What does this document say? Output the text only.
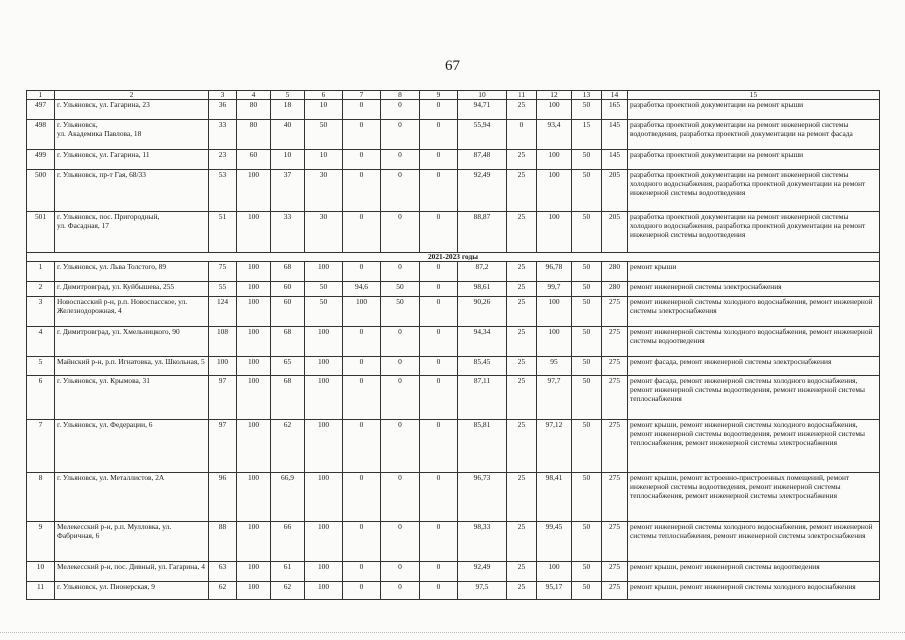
67
1	2	3	4	5	6	7	8	9	10	11	12	13	14	15
497	г. Ульяновск, ул. Гагарина, 23	36	80	18	10	0	0	0	94,71	25	100	50	165	разработка проектной документации на ремонт крыши
498	г. Ульяновск,
ул. Академика Павлова, 18	33	80	40	50	0	0	0	55,94	0	93,4	15	145	разработка проектной документации на ремонт инженерной системы водоотведения, разработка проектной документации на ремонт фасада
499	г. Ульяновск, ул. Гагарина, 11	23	60	10	10	0	0	0	87,48	25	100	50	145	разработка проектной документации на ремонт крыши
500	г. Ульяновск, пр-т Гая, 68/33	53	100	37	30	0	0	0	92,49	25	100	50	205	разработка проектной документации на ремонт инженерной системы холодного водоснабжения, разработка проектной документации на ремонт инженерной системы водоотведения
501	г. Ульяновск, пос. Пригородный,
ул. Фасадная, 17	51	100	33	30	0	0	0	88,87	25	100	50	205	разработка проектной документации на ремонт инженерной системы холодного водоснабжения, разработка проектной документации на ремонт инженерной системы водоотведения
2021-2023 годы														
1	г. Ульяновск, ул. Льва Толстого, 89	75	100	68	100	0	0	0	87,2	25	96,78	50	280	ремонт крыши
2	г. Димитровград, ул. Куйбышева, 255	55	100	60	50	94,6	50	0	98,61	25	99,7	50	280	ремонт инженерной системы электроснабжения
3	Новоспасский р-н, р.п. Новоспасское, ул. Железнодорожная, 4	124	100	60	50	100	50	0	90,26	25	100	50	275	ремонт инженерной системы холодного водоснабжения, ремонт инженерной системы электроснабжения
4	г. Димитровград, ул. Хмельницкого, 90	108	100	68	100	0	0	0	94,34	25	100	50	275	ремонт инженерной системы холодного водоснабжения, ремонт инженерной системы водоотведения
5	Майнский р-н, р.п. Игнатовка, ул. Школьная, 5	100	100	65	100	0	0	0	85,45	25	95	50	275	ремонт фасада, ремонт инженерной системы электроснабжения
6	г. Ульяновск, ул. Крымова, 31	97	100	68	100	0	0	0	87,11	25	97,7	50	275	ремонт фасада, ремонт инженерной системы холодного водоснабжения, ремонт инженерной системы водоотведения, ремонт инженерной системы теплоснабжения
7	г. Ульяновск, ул. Федерации, 6	97	100	62	100	0	0	0	85,81	25	97,12	50	275	ремонт крыши, ремонт инженерной системы холодного водоснабжения, ремонт инженерной системы водоотведения, ремонт инженерной системы теплоснабжения, ремонт инженерной системы электроснабжения
8	г. Ульяновск, ул. Металлистов, 2А	96	100	66,9	100	0	0	0	96,73	25	98,41	50	275	ремонт крыши, ремонт встроенно-пристроенных помещений, ремонт инженерной системы водоотведения, ремонт инженерной системы теплоснабжения, ремонт инженерной системы электроснабжения
9	Мелекесский р-н, р.п. Мулловка, ул. Фабричная, 6	88	100	66	100	0	0	0	98,33	25	99,45	50	275	ремонт инженерной системы холодного водоснабжения, ремонт инженерной системы теплоснабжения, ремонт инженерной системы электроснабжения
10	Мелекесский р-н, пос. Дивный, ул. Гагарина, 4	63	100	61	100	0	0	0	92,49	25	100	50	275	ремонт крыши, ремонт инженерной системы водоотведения
11	г. Ульяновск, ул. Пионерская, 9	62	100	62	100	0	0	0	97,5	25	95,17	50	275	ремонт крыши, ремонт инженерной системы холодного водоснабжения
